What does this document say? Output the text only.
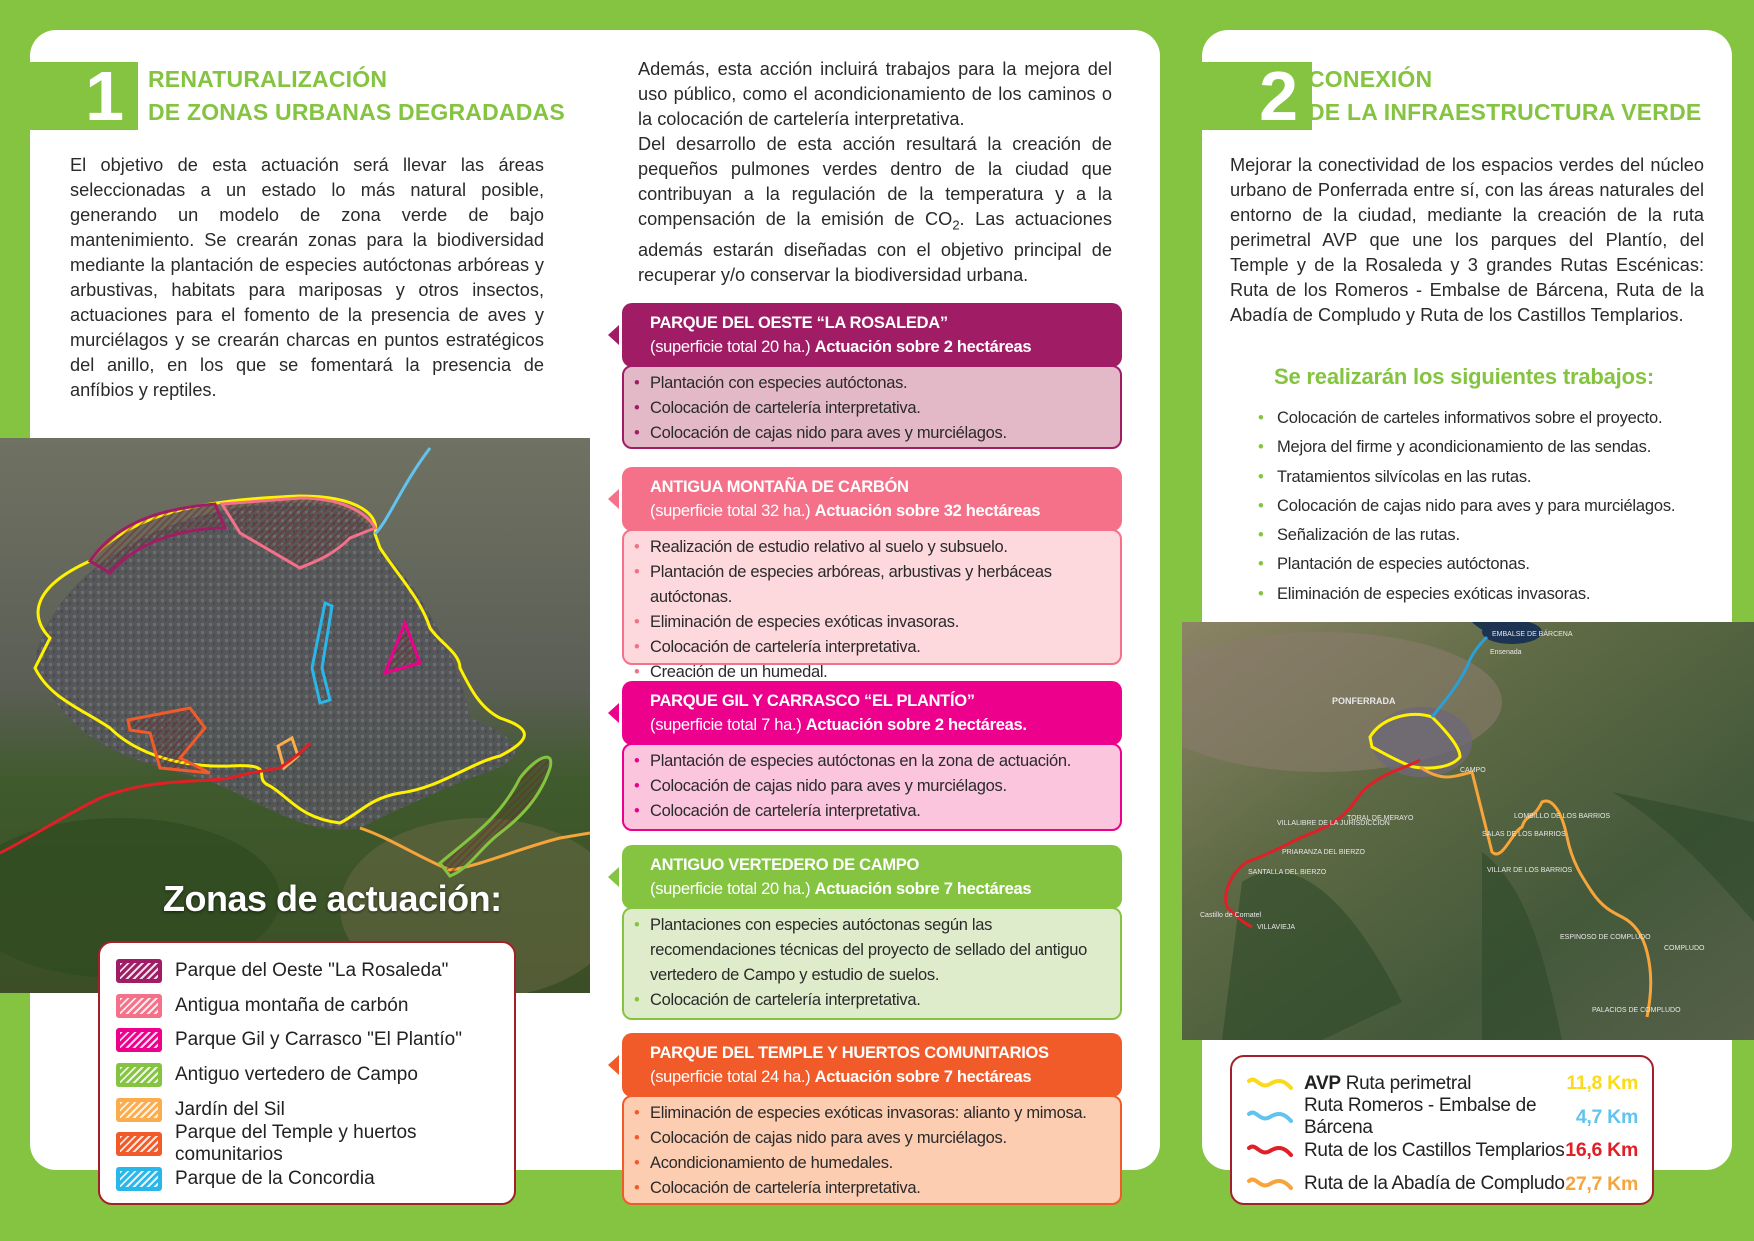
1 RENATURALIZACIÓN
DE ZONAS URBANAS DEGRADADAS

El objetivo de esta actuación será llevar las áreas seleccionadas a un estado lo más natural posible, generando un modelo de zona verde de bajo mantenimiento. Se crearán zonas para la biodiversidad mediante la plantación de especies autóctonas arbóreas y arbustivas, habitats para mariposas y otros insectos, actuaciones para el fomento de la presencia de aves y murciélagos y se crearán charcas en puntos estratégicos del anillo, en los que se fomentará la presencia de anfíbios y reptiles.

Además, esta acción incluirá trabajos para la mejora del uso público, como el acondicionamiento de los caminos o la colocación de cartelería interpretativa.

Del desarrollo de esta acción resultará la creación de pequeños pulmones verdes dentro de la ciudad que contribuyan a la regulación de la temperatura y a la compensación de la emisión de $CO_2$. Las actuaciones además estarán diseñadas con el objetivo principal de recuperar y/o conservar la biodiversidad urbana.

Zonas de actuación:
Parque del Oeste "La Rosaleda"
Antigua montaña de carbón
Parque Gil y Carrasco "El Plantío"
Antiguo vertedero de Campo
Jardín del Sil
Parque del Temple y huertos comunitarios
Parque de la Concordia
PARQUE DEL OESTE “LA ROSALEDA”
(superficie total 20 ha.) Actuación sobre 2 hectáreas
• Plantación con especies autóctonas.
• Colocación de cartelería interpretativa.
• Colocación de cajas nido para aves y murciélagos.
ANTIGUA MONTAÑA DE CARBÓN
(superficie total 32 ha.) Actuación sobre 32 hectáreas
• Realización de estudio relativo al suelo y subsuelo.
• Plantación de especies arbóreas, arbustivas y herbáceas autóctonas.
• Eliminación de especies exóticas invasoras.
• Colocación de cartelería interpretativa.
• Creación de un humedal.
PARQUE GIL Y CARRASCO “EL PLANTÍO”
(superficie total 7 ha.) Actuación sobre 2 hectáreas.
• Plantación de especies autóctonas en la zona de actuación.
• Colocación de cajas nido para aves y murciélagos.
• Colocación de cartelería interpretativa.
ANTIGUO VERTEDERO DE CAMPO
(superficie total 20 ha.) Actuación sobre 7 hectáreas
• Plantaciones con especies autóctonas según las recomendaciones técnicas del proyecto de sellado del antiguo vertedero de Campo y estudio de suelos.
• Colocación de cartelería interpretativa.
PARQUE DEL TEMPLE Y HUERTOS COMUNITARIOS
(superficie total 24 ha.) Actuación sobre 7 hectáreas
• Eliminación de especies exóticas invasoras: alianto y mimosa.
• Colocación de cajas nido para aves y murciélagos.
• Acondicionamiento de humedales.
• Colocación de cartelería interpretativa.
2 CONEXIÓN
DE LA INFRAESTRUCTURA VERDE

Mejorar la conectividad de los espacios verdes del núcleo urbano de Ponferrada entre sí, con las áreas naturales del entorno de la ciudad, mediante la creación de la ruta perimetral AVP que une los parques del Plantío, del Temple y de la Rosaleda y 3 grandes Rutas Escénicas: Ruta de los Romeros - Embalse de Bárcena, Ruta de la Abadía de Compludo y Ruta de los Castillos Templarios.

Se realizarán los siguientes trabajos:
• Colocación de carteles informativos sobre el proyecto.
• Mejora del firme y acondicionamiento de las sendas.
• Tratamientos silvícolas en las rutas.
• Colocación de cajas nido para aves y para murciélagos.
• Señalización de las rutas.
• Plantación de especies autóctonas.
• Eliminación de especies exóticas invasoras.
PONFERRADA
EMBALSE DE BÁRCENA
Ensenada
CAMPO
TORAL DE MERAYO
VILLALIBRE DE LA JURISDICCIÓN
PRIARANZA DEL BIERZO
SANTALLA DEL BIERZO
Castillo de Cornatel
VILLAVIEJA
SALAS DE LOS BARRIOS
LOMBILLO DE LOS BARRIOS
VILLAR DE LOS BARRIOS
ESPINOSO DE COMPLUDO
COMPLUDO
PALACIOS DE COMPLUDO
AVP Ruta perimetral	11,8 Km
Ruta Romeros - Embalse de Bárcena	4,7 Km
Ruta de los Castillos Templarios 16,6 Km
Ruta de la Abadía de Compludo 27,7 Km
